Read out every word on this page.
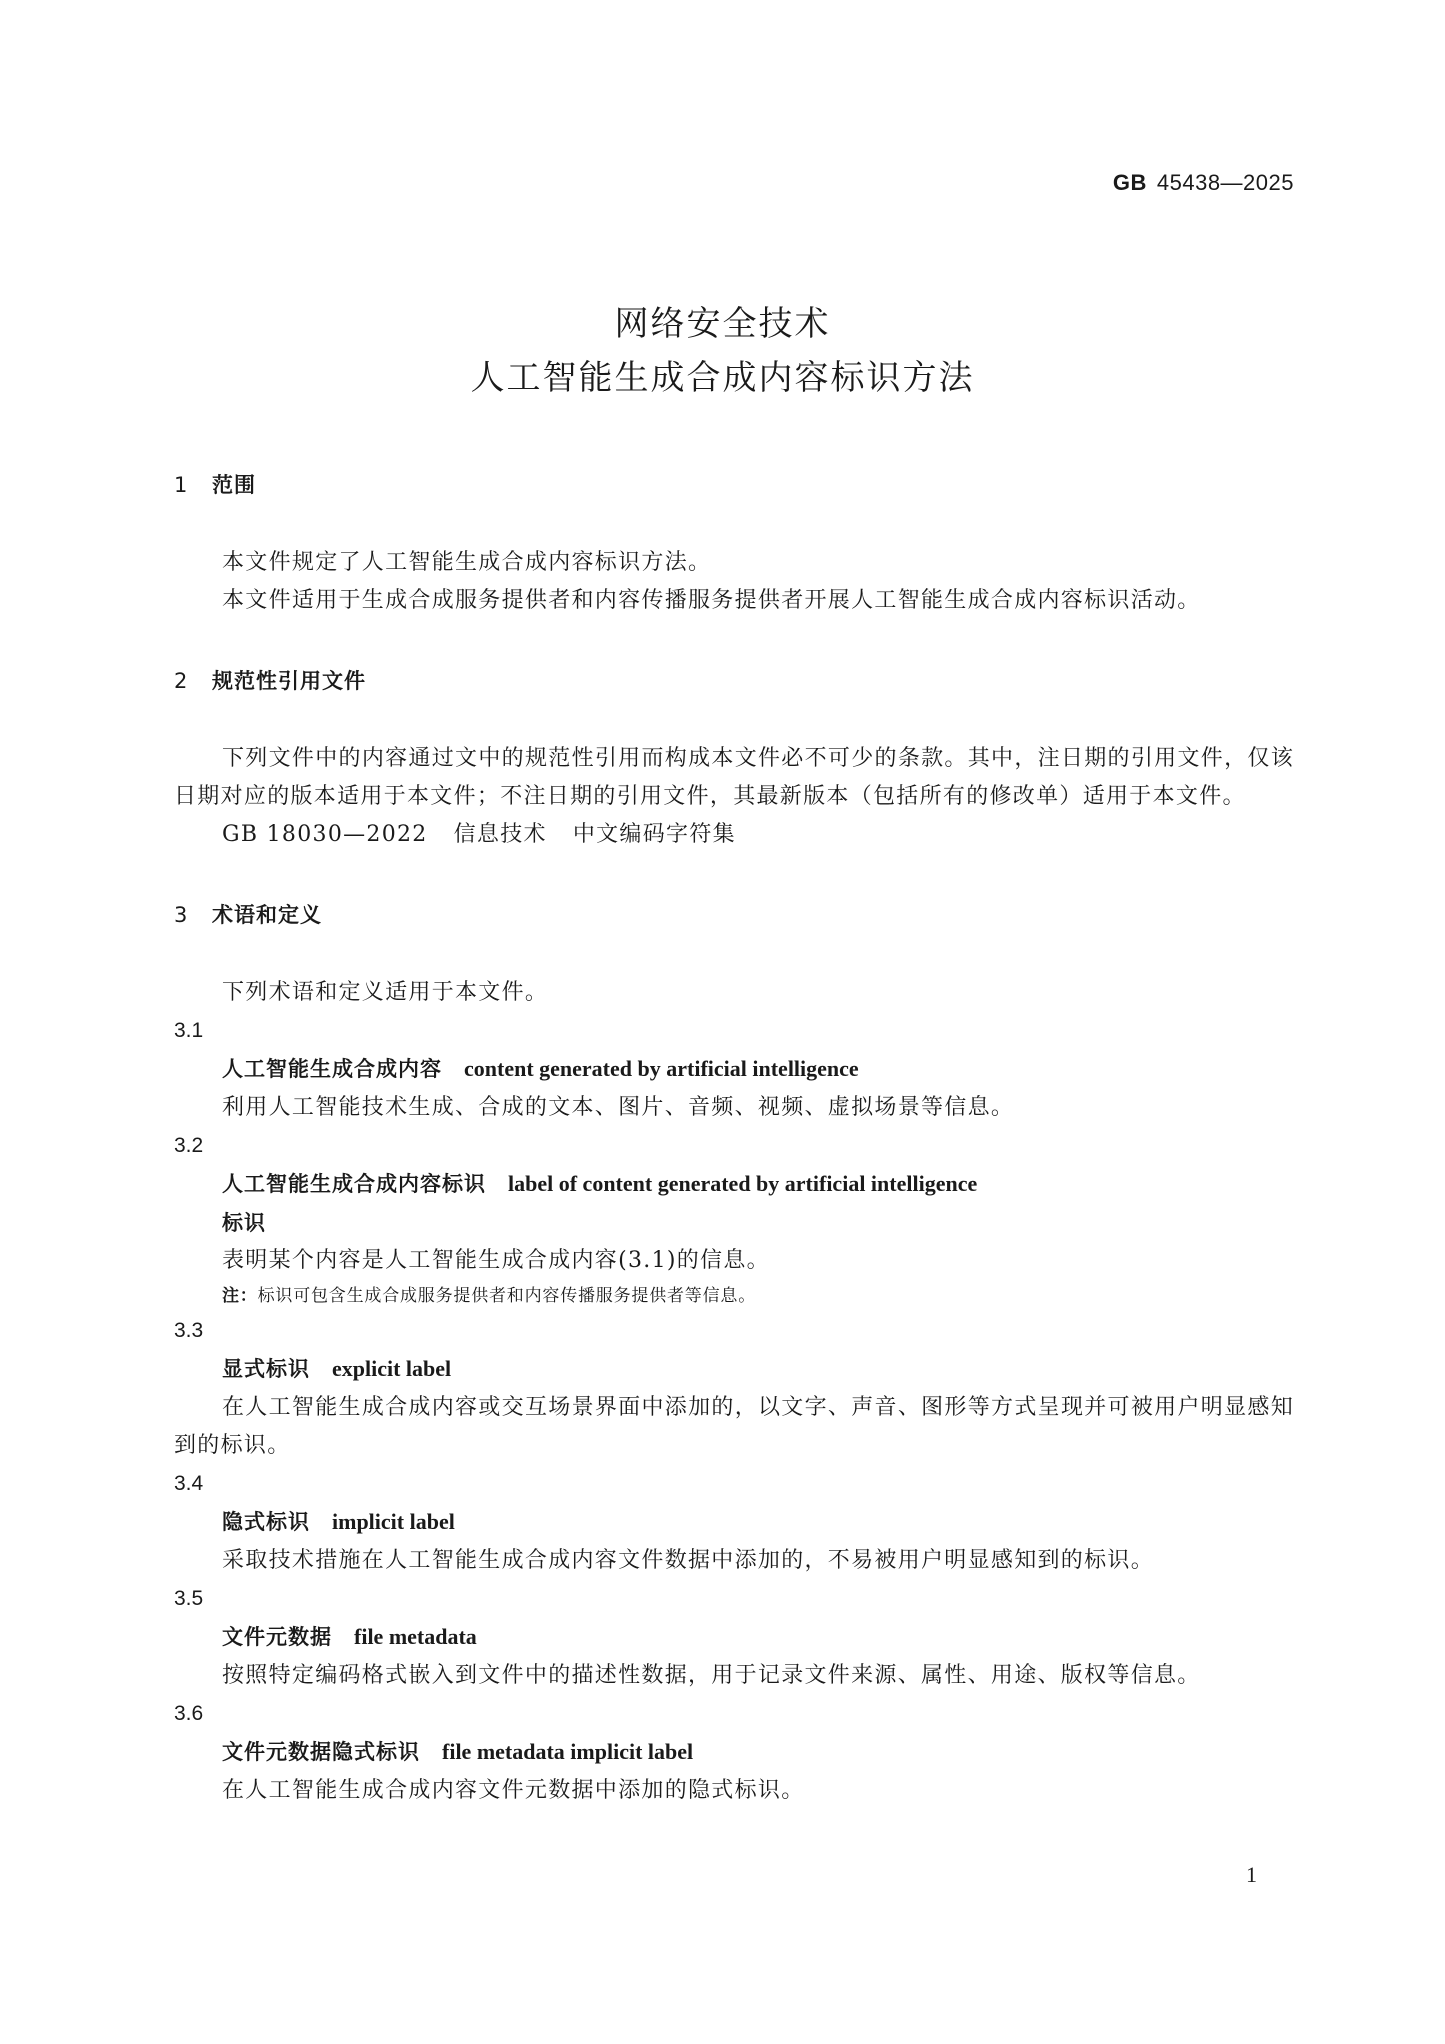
GB 45438—2025
网络安全技术
人工智能生成合成内容标识方法
1 范围
本文件规定了人工智能生成合成内容标识方法。
本文件适用于生成合成服务提供者和内容传播服务提供者开展人工智能生成合成内容标识活动。
2 规范性引用文件
下列文件中的内容通过文中的规范性引用而构成本文件必不可少的条款。其中，注日期的引用文件，仅该日期对应的版本适用于本文件；不注日期的引用文件，其最新版本（包括所有的修改单）适用于本文件。
GB 18030—2022 信息技术 中文编码字符集
3 术语和定义
下列术语和定义适用于本文件。
3.1
人工智能生成合成内容 content generated by artificial intelligence
利用人工智能技术生成、合成的文本、图片、音频、视频、虚拟场景等信息。
3.2
人工智能生成合成内容标识 label of content generated by artificial intelligence
标识
表明某个内容是人工智能生成合成内容(3.1)的信息。
注：标识可包含生成合成服务提供者和内容传播服务提供者等信息。
3.3
显式标识 explicit label
在人工智能生成合成内容或交互场景界面中添加的，以文字、声音、图形等方式呈现并可被用户明显感知到的标识。
3.4
隐式标识 implicit label
采取技术措施在人工智能生成合成内容文件数据中添加的，不易被用户明显感知到的标识。
3.5
文件元数据 file metadata
按照特定编码格式嵌入到文件中的描述性数据，用于记录文件来源、属性、用途、版权等信息。
3.6
文件元数据隐式标识 file metadata implicit label
在人工智能生成合成内容文件元数据中添加的隐式标识。
1
